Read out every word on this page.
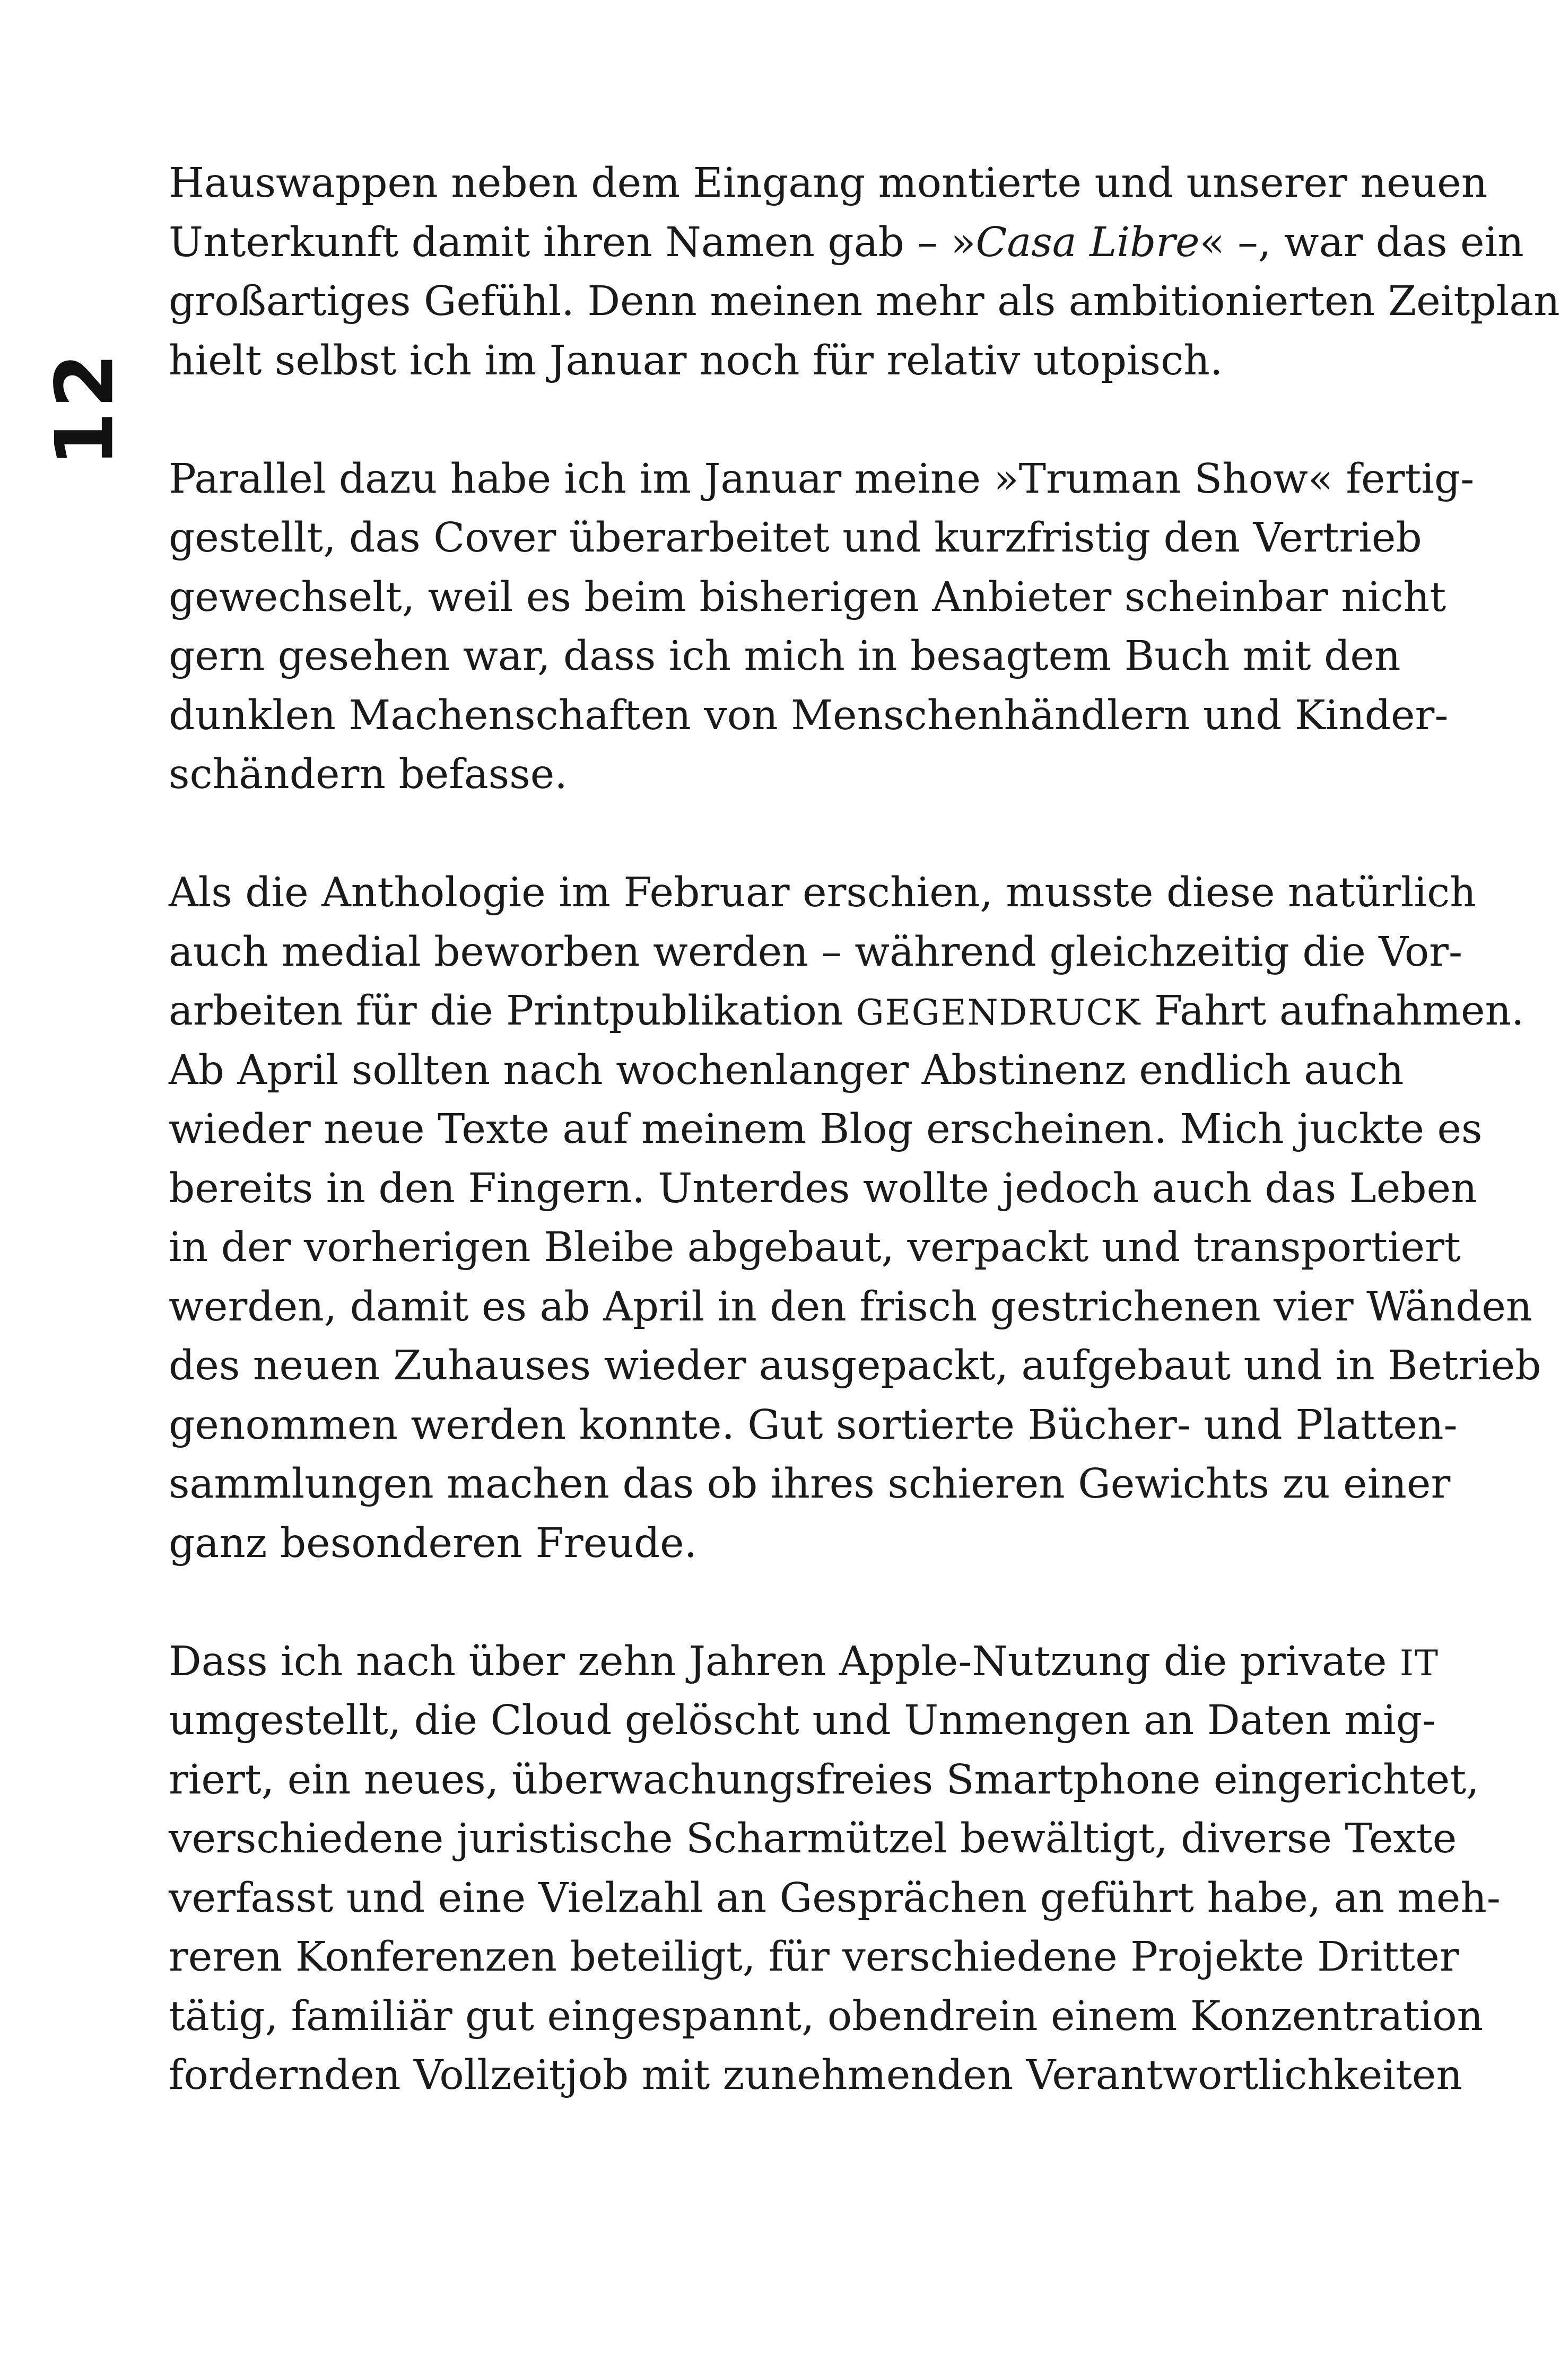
12
Hauswappen neben dem Eingang montierte und unserer neuen
Unterkunft damit ihren Namen gab – »Casa Libre« –, war das ein
großartiges Gefühl. Denn meinen mehr als ambitionierten Zeitplan
hielt selbst ich im Januar noch für relativ utopisch.
Parallel dazu habe ich im Januar meine »Truman Show« fertig-
gestellt, das Cover überarbeitet und kurzfristig den Vertrieb
gewechselt, weil es beim bisherigen Anbieter scheinbar nicht
gern gesehen war, dass ich mich in besagtem Buch mit den
dunklen Machenschaften von Menschenhändlern und Kinder-
schändern befasse.
Als die Anthologie im Februar erschien, musste diese natürlich
auch medial beworben werden – während gleichzeitig die Vor-
arbeiten für die Printpublikation GEGENDRUCK Fahrt aufnahmen.
Ab April sollten nach wochenlanger Abstinenz endlich auch
wieder neue Texte auf meinem Blog erscheinen. Mich juckte es
bereits in den Fingern. Unterdes wollte jedoch auch das Leben
in der vorherigen Bleibe abgebaut, verpackt und transportiert
werden, damit es ab April in den frisch gestrichenen vier Wänden
des neuen Zuhauses wieder ausgepackt, aufgebaut und in Betrieb
genommen werden konnte. Gut sortierte Bücher- und Platten-
sammlungen machen das ob ihres schieren Gewichts zu einer
ganz besonderen Freude.
Dass ich nach über zehn Jahren Apple-Nutzung die private IT
umgestellt, die Cloud gelöscht und Unmengen an Daten mig-
riert, ein neues, überwachungsfreies Smartphone eingerichtet,
verschiedene juristische Scharmützel bewältigt, diverse Texte
verfasst und eine Vielzahl an Gesprächen geführt habe, an meh-
reren Konferenzen beteiligt, für verschiedene Projekte Dritter
tätig, familiär gut eingespannt, obendrein einem Konzentration
fordernden Vollzeitjob mit zunehmenden Verantwortlichkeiten
